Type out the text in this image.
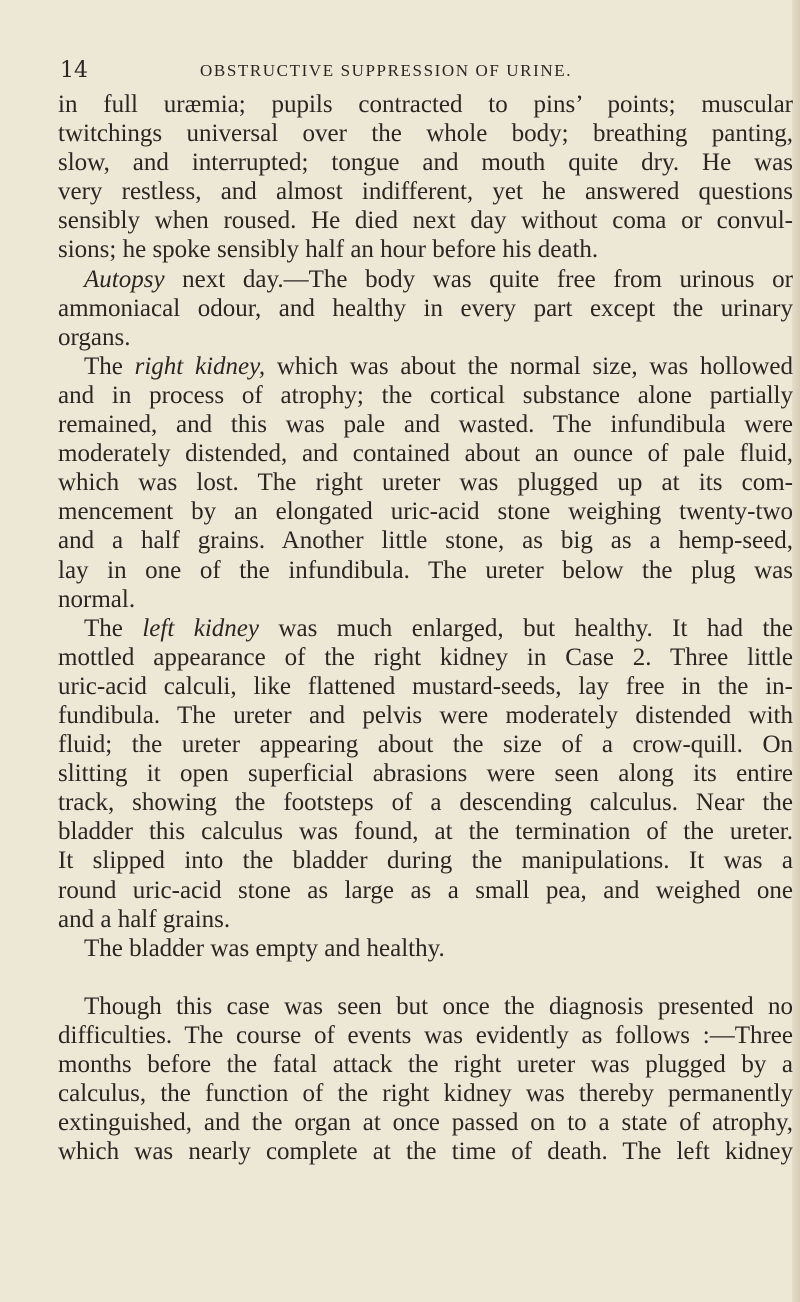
14	OBSTRUCTIVE SUPPRESSION OF URINE.
in full uræmia; pupils contracted to pins’ points; muscular
twitchings universal over the whole body; breathing panting,
slow, and interrupted; tongue and mouth quite dry. He was
very restless, and almost indifferent, yet he answered questions
sensibly when roused. He died next day without coma or convul-
sions; he spoke sensibly half an hour before his death.
Autopsy next day.—The body was quite free from urinous or
ammoniacal odour, and healthy in every part except the urinary
organs.
The right kidney, which was about the normal size, was hollowed
and in process of atrophy; the cortical substance alone partially
remained, and this was pale and wasted. The infundibula were
moderately distended, and contained about an ounce of pale fluid,
which was lost. The right ureter was plugged up at its com-
mencement by an elongated uric-acid stone weighing twenty-two
and a half grains. Another little stone, as big as a hemp-seed,
lay in one of the infundibula. The ureter below the plug was
normal.
The left kidney was much enlarged, but healthy. It had the
mottled appearance of the right kidney in Case 2. Three little
uric-acid calculi, like flattened mustard-seeds, lay free in the in-
fundibula. The ureter and pelvis were moderately distended with
fluid; the ureter appearing about the size of a crow-quill. On
slitting it open superficial abrasions were seen along its entire
track, showing the footsteps of a descending calculus. Near the
bladder this calculus was found, at the termination of the ureter.
It slipped into the bladder during the manipulations. It was a
round uric-acid stone as large as a small pea, and weighed one
and a half grains.
The bladder was empty and healthy.
Though this case was seen but once the diagnosis presented no
difficulties. The course of events was evidently as follows :—Three
months before the fatal attack the right ureter was plugged by a
calculus, the function of the right kidney was thereby permanently
extinguished, and the organ at once passed on to a state of atrophy,
which was nearly complete at the time of death. The left kidney
